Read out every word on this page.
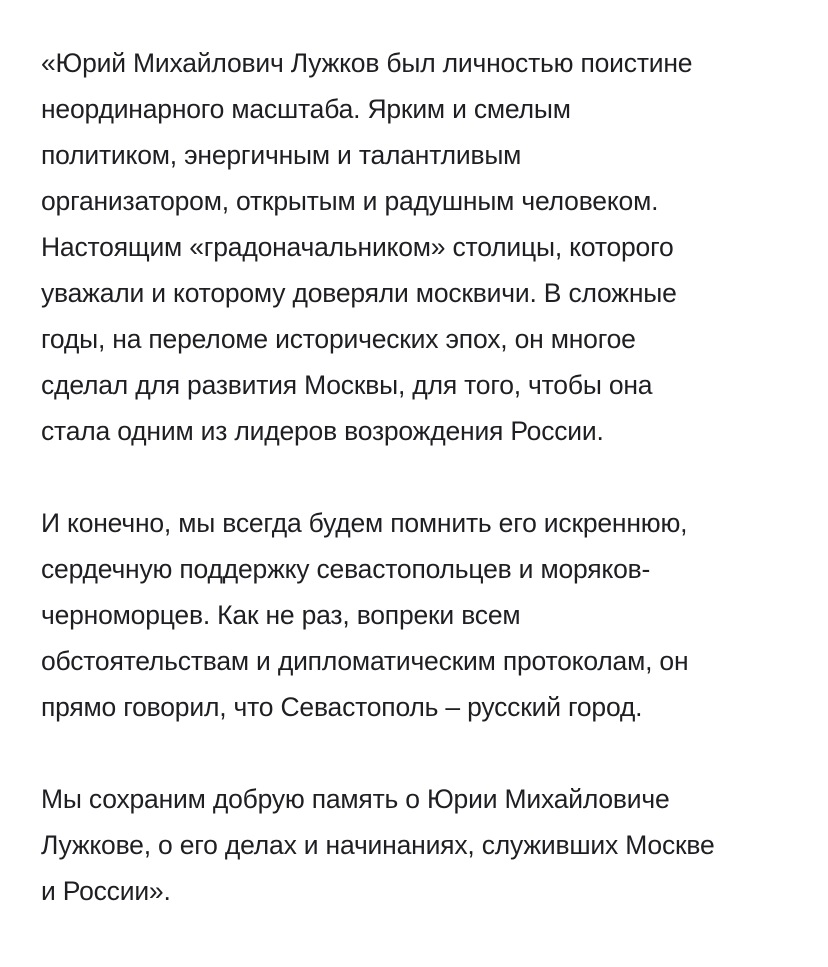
«Юрий Михайлович Лужков был личностью поистине
неординарного масштаба. Ярким и смелым
политиком, энергичным и талантливым
организатором, открытым и радушным человеком.
Настоящим «градоначальником» столицы, которого
уважали и которому доверяли москвичи. В сложные
годы, на переломе исторических эпох, он многое
сделал для развития Москвы, для того, чтобы она
стала одним из лидеров возрождения России.

И конечно, мы всегда будем помнить его искреннюю,
сердечную поддержку севастопольцев и моряков-
черноморцев. Как не раз, вопреки всем
обстоятельствам и дипломатическим протоколам, он
прямо говорил, что Севастополь – русский город.

Мы сохраним добрую память о Юрии Михайловиче
Лужкове, о его делах и начинаниях, служивших Москве
и России».
